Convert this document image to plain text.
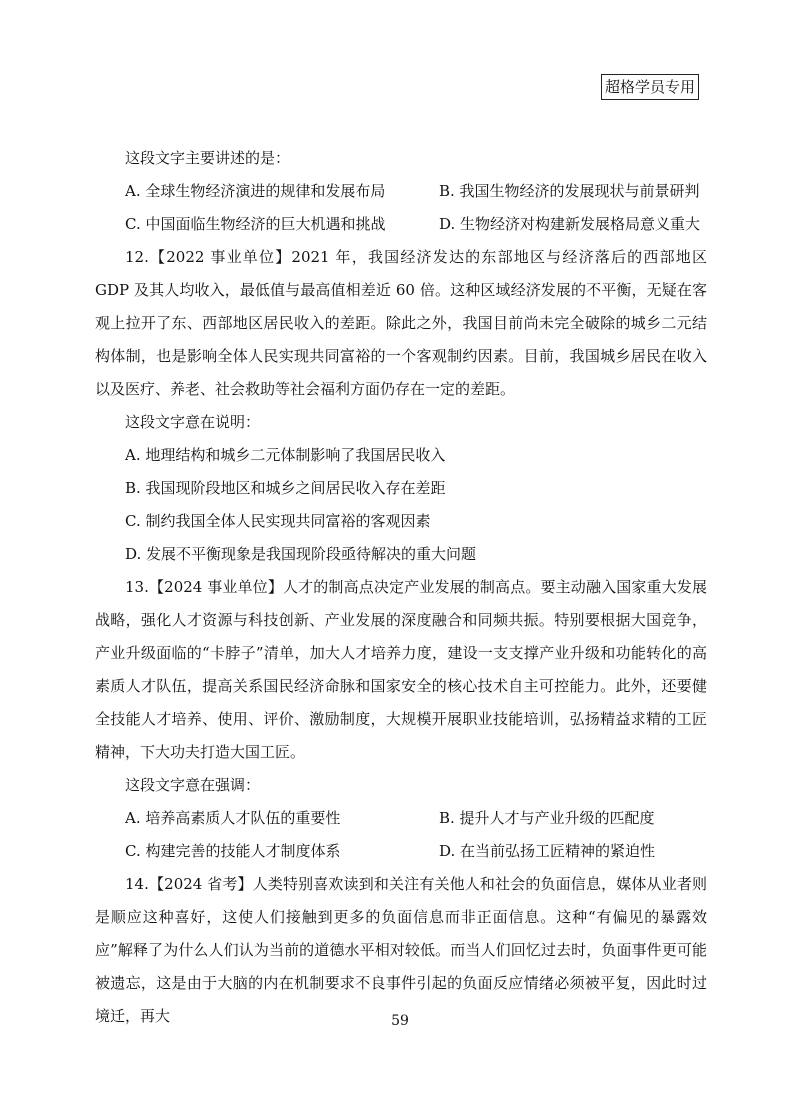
超格学员专用
这段文字主要讲述的是：
A. 全球生物经济演进的规律和发展布局	B. 我国生物经济的发展现状与前景研判
C. 中国面临生物经济的巨大机遇和挑战	D. 生物经济对构建新发展格局意义重大

12.【2022 事业单位】2021 年，我国经济发达的东部地区与经济落后的西部地区 GDP 及其人均收入，最低值与最高值相差近 60 倍。这种区域经济发展的不平衡，无疑在客观上拉开了东、西部地区居民收入的差距。除此之外，我国目前尚未完全破除的城乡二元结构体制，也是影响全体人民实现共同富裕的一个客观制约因素。目前，我国城乡居民在收入以及医疗、养老、社会救助等社会福利方面仍存在一定的差距。

这段文字意在说明：
A. 地理结构和城乡二元体制影响了我国居民收入
B. 我国现阶段地区和城乡之间居民收入存在差距
C. 制约我国全体人民实现共同富裕的客观因素
D. 发展不平衡现象是我国现阶段亟待解决的重大问题

13.【2024 事业单位】人才的制高点决定产业发展的制高点。要主动融入国家重大发展战略，强化人才资源与科技创新、产业发展的深度融合和同频共振。特别要根据大国竞争，产业升级面临的“卡脖子”清单，加大人才培养力度，建设一支支撑产业升级和功能转化的高素质人才队伍，提高关系国民经济命脉和国家安全的核心技术自主可控能力。此外，还要健全技能人才培养、使用、评价、激励制度，大规模开展职业技能培训，弘扬精益求精的工匠精神，下大功夫打造大国工匠。

这段文字意在强调：
A. 培养高素质人才队伍的重要性	B. 提升人才与产业升级的匹配度
C. 构建完善的技能人才制度体系	D. 在当前弘扬工匠精神的紧迫性

14.【2024 省考】人类特别喜欢读到和关注有关他人和社会的负面信息，媒体从业者则是顺应这种喜好，这使人们接触到更多的负面信息而非正面信息。这种“有偏见的暴露效应”解释了为什么人们认为当前的道德水平相对较低。而当人们回忆过去时，负面事件更可能被遗忘，这是由于大脑的内在机制要求不良事件引起的负面反应情绪必须被平复，因此时过境迁，再大	59
